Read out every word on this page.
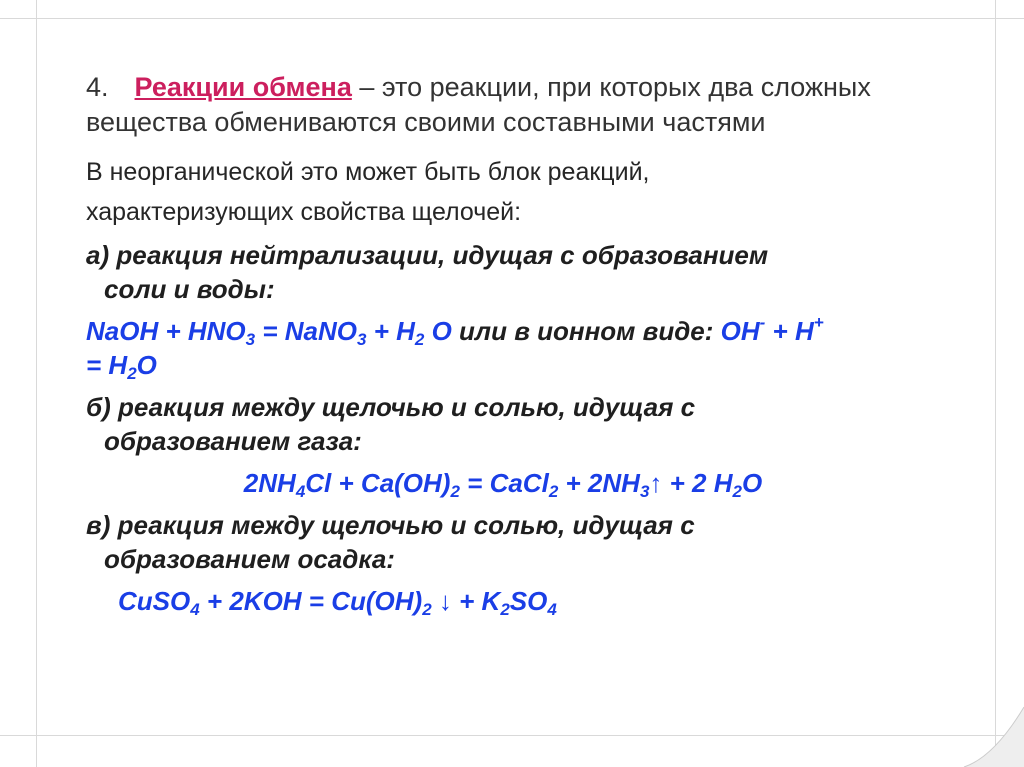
4. Реакции обмена – это реакции, при которых два сложных вещества обмениваются своими составными частями

В неорганической это может быть блок реакций,

характеризующих свойства щелочей:

а) реакция нейтрализации, идущая с образованием
соли и воды:

NaOH + $HNO_3$ = NaNO$_3$ + $H_2$ O или в ионном виде: OH- + H+
= $H_2O$

б) реакция между щелочью и солью, идущая с
образованием газа:

$2NH_4Cl + Ca(OH)_2$ = CaCl$_2$ + $2NH_3↑ + 2$ $H_2O$

в) реакция между щелочью и солью, идущая с
образованием осадка:

CuSO$_4$ + $2KOH = Cu(OH)_2$ ↓ + $K_2SO_4$
